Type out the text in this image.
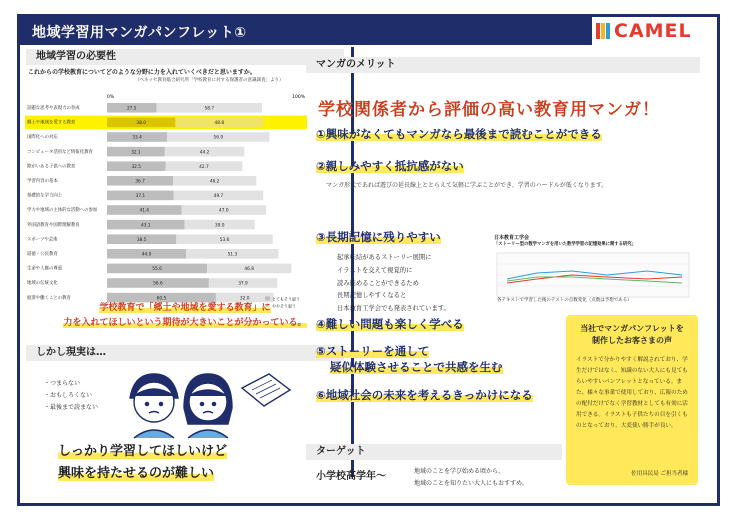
地域学習用マンガパンフレット①	CAMEL
地域学習の必要性
これからの学校教育についてどのような分野に力を入れていくべきだと思いますか。
（ベネッセ教育総合研究所「学校教育に対する保護者の意識調査」より）
0%	100%
話題な思考や表現力の育成	27.5	58.7
郷土や地域を愛する教育	38.0	48.8
国際化への対応	33.4	56.9
コンピュータ活用など情報化教育	32.1	44.2
障がいある子供への教育	32.5	42.7
学習内容の基本	36.7	46.2
基礎的な学力向上	37.1	49.7
学力や地域の主体的な活動への参加	41.4	47.0
外国語教育や国際理解教育	43.1	39.0
スポーツや芸術	38.5	53.6
道徳・公民教育	44.0	51.3
生命や人権の尊重	55.6	46.8
地域の伝統文化	56.6	37.9
経済や働くことの教育	60.5	32.0	とてもそう思う
ややそう思う
学校教育で「郷土や地域を愛する教育」に
力を入れてほしいという期待が大きいことが分かっている。
しかし現実は…
・つまらない
・おもしろくない
・最後まで読まない
しっかり学習してほしいけど
興味を持たせるのが難しい
マンガのメリット
学校関係者から評価の高い教育用マンガ！
①興味がなくてもマンガなら最後まで読むことができる
②親しみやすく抵抗感がない
マンガ形式であれば遊びの延長線上ととらえて気軽に学ぶことができ、学習のハードルが低くなります。
③長期記憶に残りやすい
起承転結があるストーリー展開に
イラストを交えて視覚的に
読み進めることができるため
長期記憶しやすくなると
日本教育工学会でも発表されています。
日本教育工学会
「ストーリー型の数学マンガを用いた数学学習の記憶効果に関する研究」
各テキストで学習した後のテストの点数変化（点数は予想である）
④難しい問題も楽しく学べる
⑤ストーリーを通して
疑似体験させることで共感を生む
⑥地域社会の未来を考えるきっかけになる
当社でマンガパンフレットを
制作したお客さまの声
イラストで分かりやすく解説されており、学生だけではなく、知識のない大人にも見てもらいやすいパンフレットとなっている。また、様々な事業で使用しており、広報のための配付だけでなく学習教材としても有効に活用できる。イラストも子供たちの目を引くものとなっており、大変使い勝手が良い。
佐用具民局 ご担当者様
ターゲット
小学校高学年〜	地域のことを学び始める頃から、
地域のことを知りたい大人にもおすすめ。
